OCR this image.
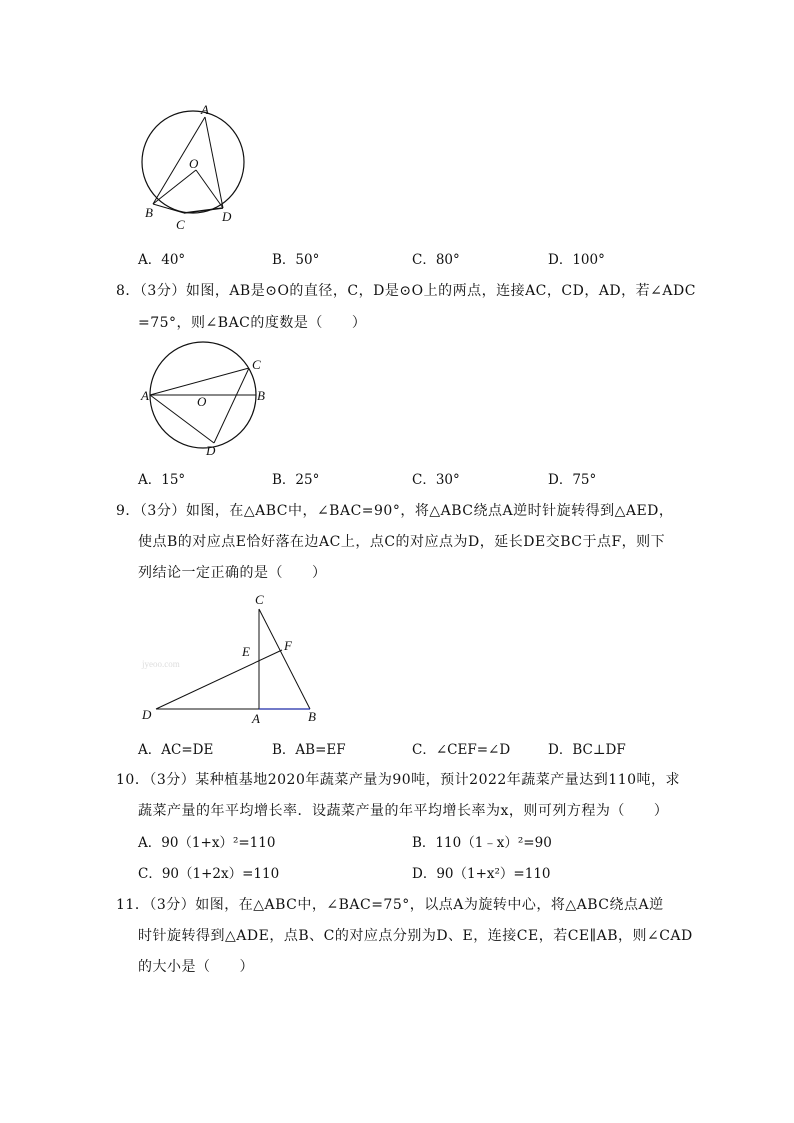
A
O
B
C
D
A．40°	B．50°	C．80°	D．100°
8．（3分）如图，AB是⊙O的直径，C，D是⊙O上的两点，连接AC，CD，AD，若∠ADC
=75°，则∠BAC的度数是（　　）
A	O	B
C
D
A．15°	B．25°	C．30°	D．75°
9．（3分）如图，在△ABC中，∠BAC=90°，将△ABC绕点A逆时针旋转得到△AED，
使点B的对应点E恰好落在边AC上，点C的对应点为D，延长DE交BC于点F，则下
列结论一定正确的是（　　）
jyeoo.com
C
E	F
D	A	B
A．AC=DE	B．AB=EF	C．∠CEF=∠D	D．BC⊥DF
10．（3分）某种植基地2020年蔬菜产量为90吨，预计2022年蔬菜产量达到110吨，求
蔬菜产量的年平均增长率．设蔬菜产量的年平均增长率为x，则可列方程为（　　）
A．90（1+x）²=110	B．110（1﹣x）²=90
C．90（1+2x）=110	D．90（1+x²）=110
11．（3分）如图，在△ABC中，∠BAC=75°，以点A为旋转中心，将△ABC绕点A逆
时针旋转得到△ADE，点B、C的对应点分别为D、E，连接CE，若CE∥AB，则∠CAD
的大小是（　　）
